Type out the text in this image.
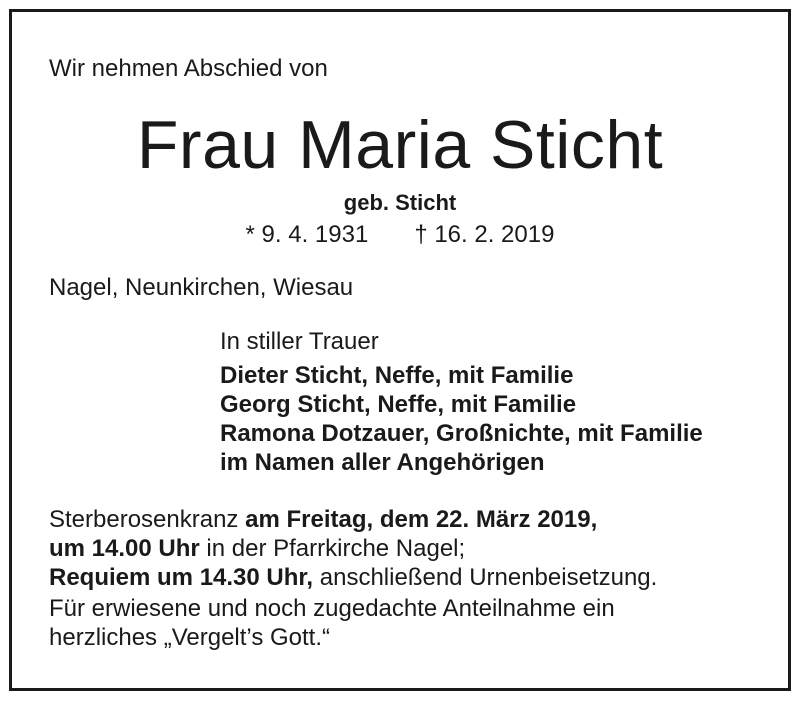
Wir nehmen Abschied von
Frau Maria Sticht
geb. Sticht
* 9. 4. 1931 † 16. 2. 2019
Nagel, Neunkirchen, Wiesau
In stiller Trauer
Dieter Sticht, Neffe, mit Familie
Georg Sticht, Neffe, mit Familie
Ramona Dotzauer, Großnichte, mit Familie
im Namen aller Angehörigen
Sterberosenkranz am Freitag, dem 22. März 2019,
um 14.00 Uhr in der Pfarrkirche Nagel;
Requiem um 14.30 Uhr, anschließend Urnenbeisetzung.
Für erwiesene und noch zugedachte Anteilnahme ein
herzliches „Vergelt’s Gott.“
